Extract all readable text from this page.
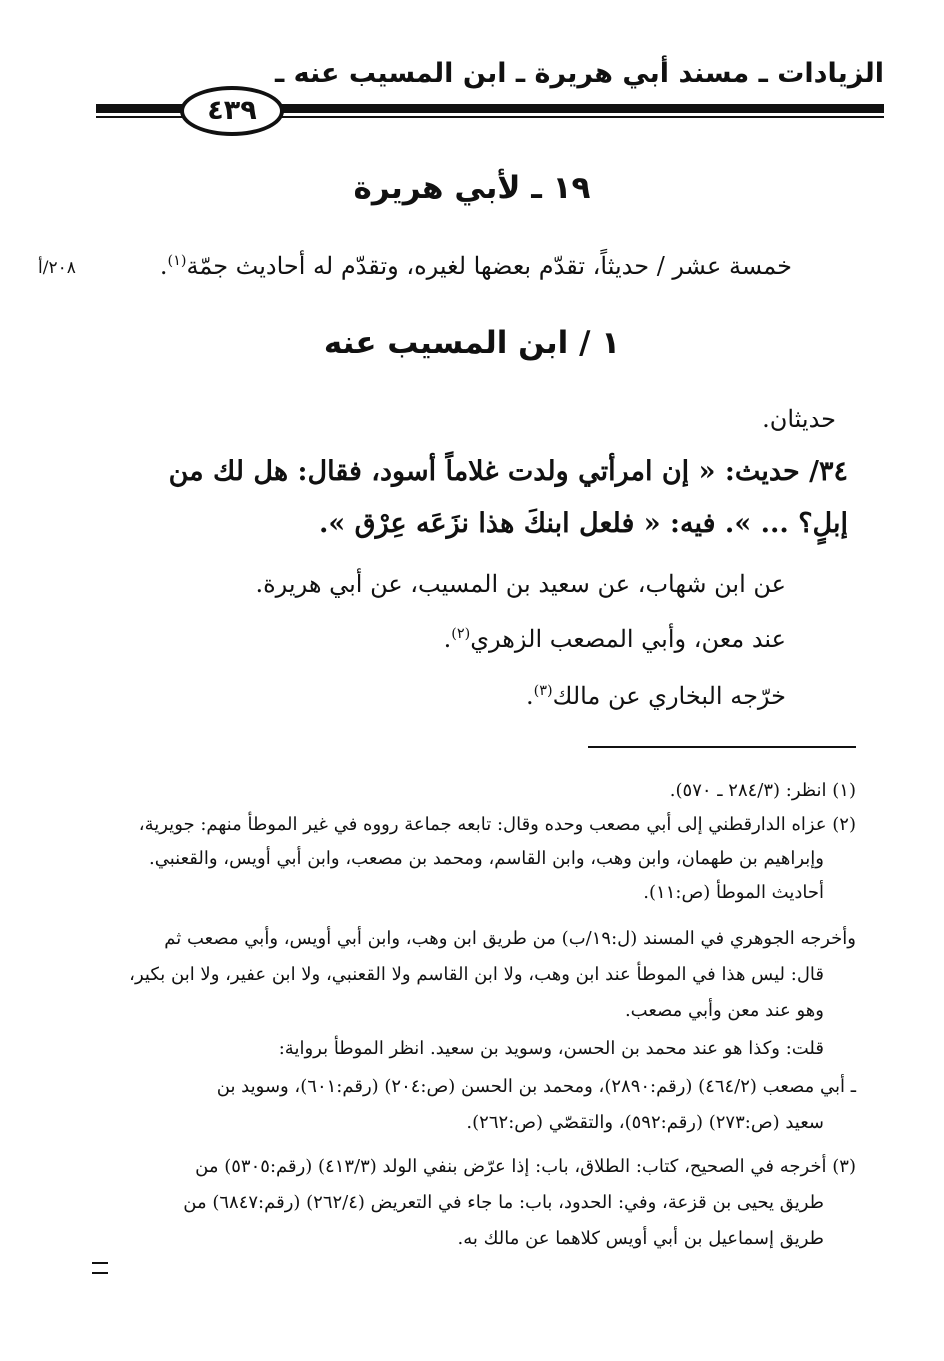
الزيادات ـ مسند أبي هريرة ـ ابن المسيب عنه ـ
٤٣٩
١٩ ـ لأبي هريرة
خمسة عشر / حديثاً، تقدّم بعضها لغيره، وتقدّم له أحاديث جمّة$^{(١)}$.
٢٠٨/أ
١ / ابن المسيب عنه
حديثان.
٣٤/ حديث: « إن امرأتي ولدت غلاماً أسود، فقال: هل لك من
إبلٍ؟ ... ». فيه: « فلعل ابنكَ هذا نزَعَه عِرْق ».
عن ابن شهاب، عن سعيد بن المسيب، عن أبي هريرة.
عند معن، وأبي المصعب الزهري$^{(٢)}$.
خرّجه البخاري عن مالك$^{(٣)}$.
(١) انظر: (٢٨٤/٣ ـ ٥٧٠).
(٢) عزاه الدارقطني إلى أبي مصعب وحده وقال: تابعه جماعة رووه في غير الموطأ منهم: جويرية،
وإبراهيم بن طهمان، وابن وهب، وابن القاسم، ومحمد بن مصعب، وابن أبي أويس، والقعنبي.
أحاديث الموطأ (ص:١١).
وأخرجه الجوهري في المسند (ل:١٩/ب) من طريق ابن وهب، وابن أبي أويس، وأبي مصعب ثم
قال: ليس هذا في الموطأ عند ابن وهب، ولا ابن القاسم ولا القعنبي، ولا ابن عفير، ولا ابن بكير،
وهو عند معن وأبي مصعب.
قلت: وكذا هو عند محمد بن الحسن، وسويد بن سعيد. انظر الموطأ برواية:
ـ أبي مصعب (٤٦٤/٢) (رقم:٢٨٩٠)، ومحمد بن الحسن (ص:٢٠٤) (رقم:٦٠١)، وسويد بن
سعيد (ص:٢٧٣) (رقم:٥٩٢)، والتقصّي (ص:٢٦٢).
(٣) أخرجه في الصحيح، كتاب: الطلاق، باب: إذا عرّض بنفي الولد (٤١٣/٣) (رقم:٥٣٠٥) من
طريق يحيى بن قزعة، وفي: الحدود، باب: ما جاء في التعريض (٢٦٢/٤) (رقم:٦٨٤٧) من
طريق إسماعيل بن أبي أويس كلاهما عن مالك به.
